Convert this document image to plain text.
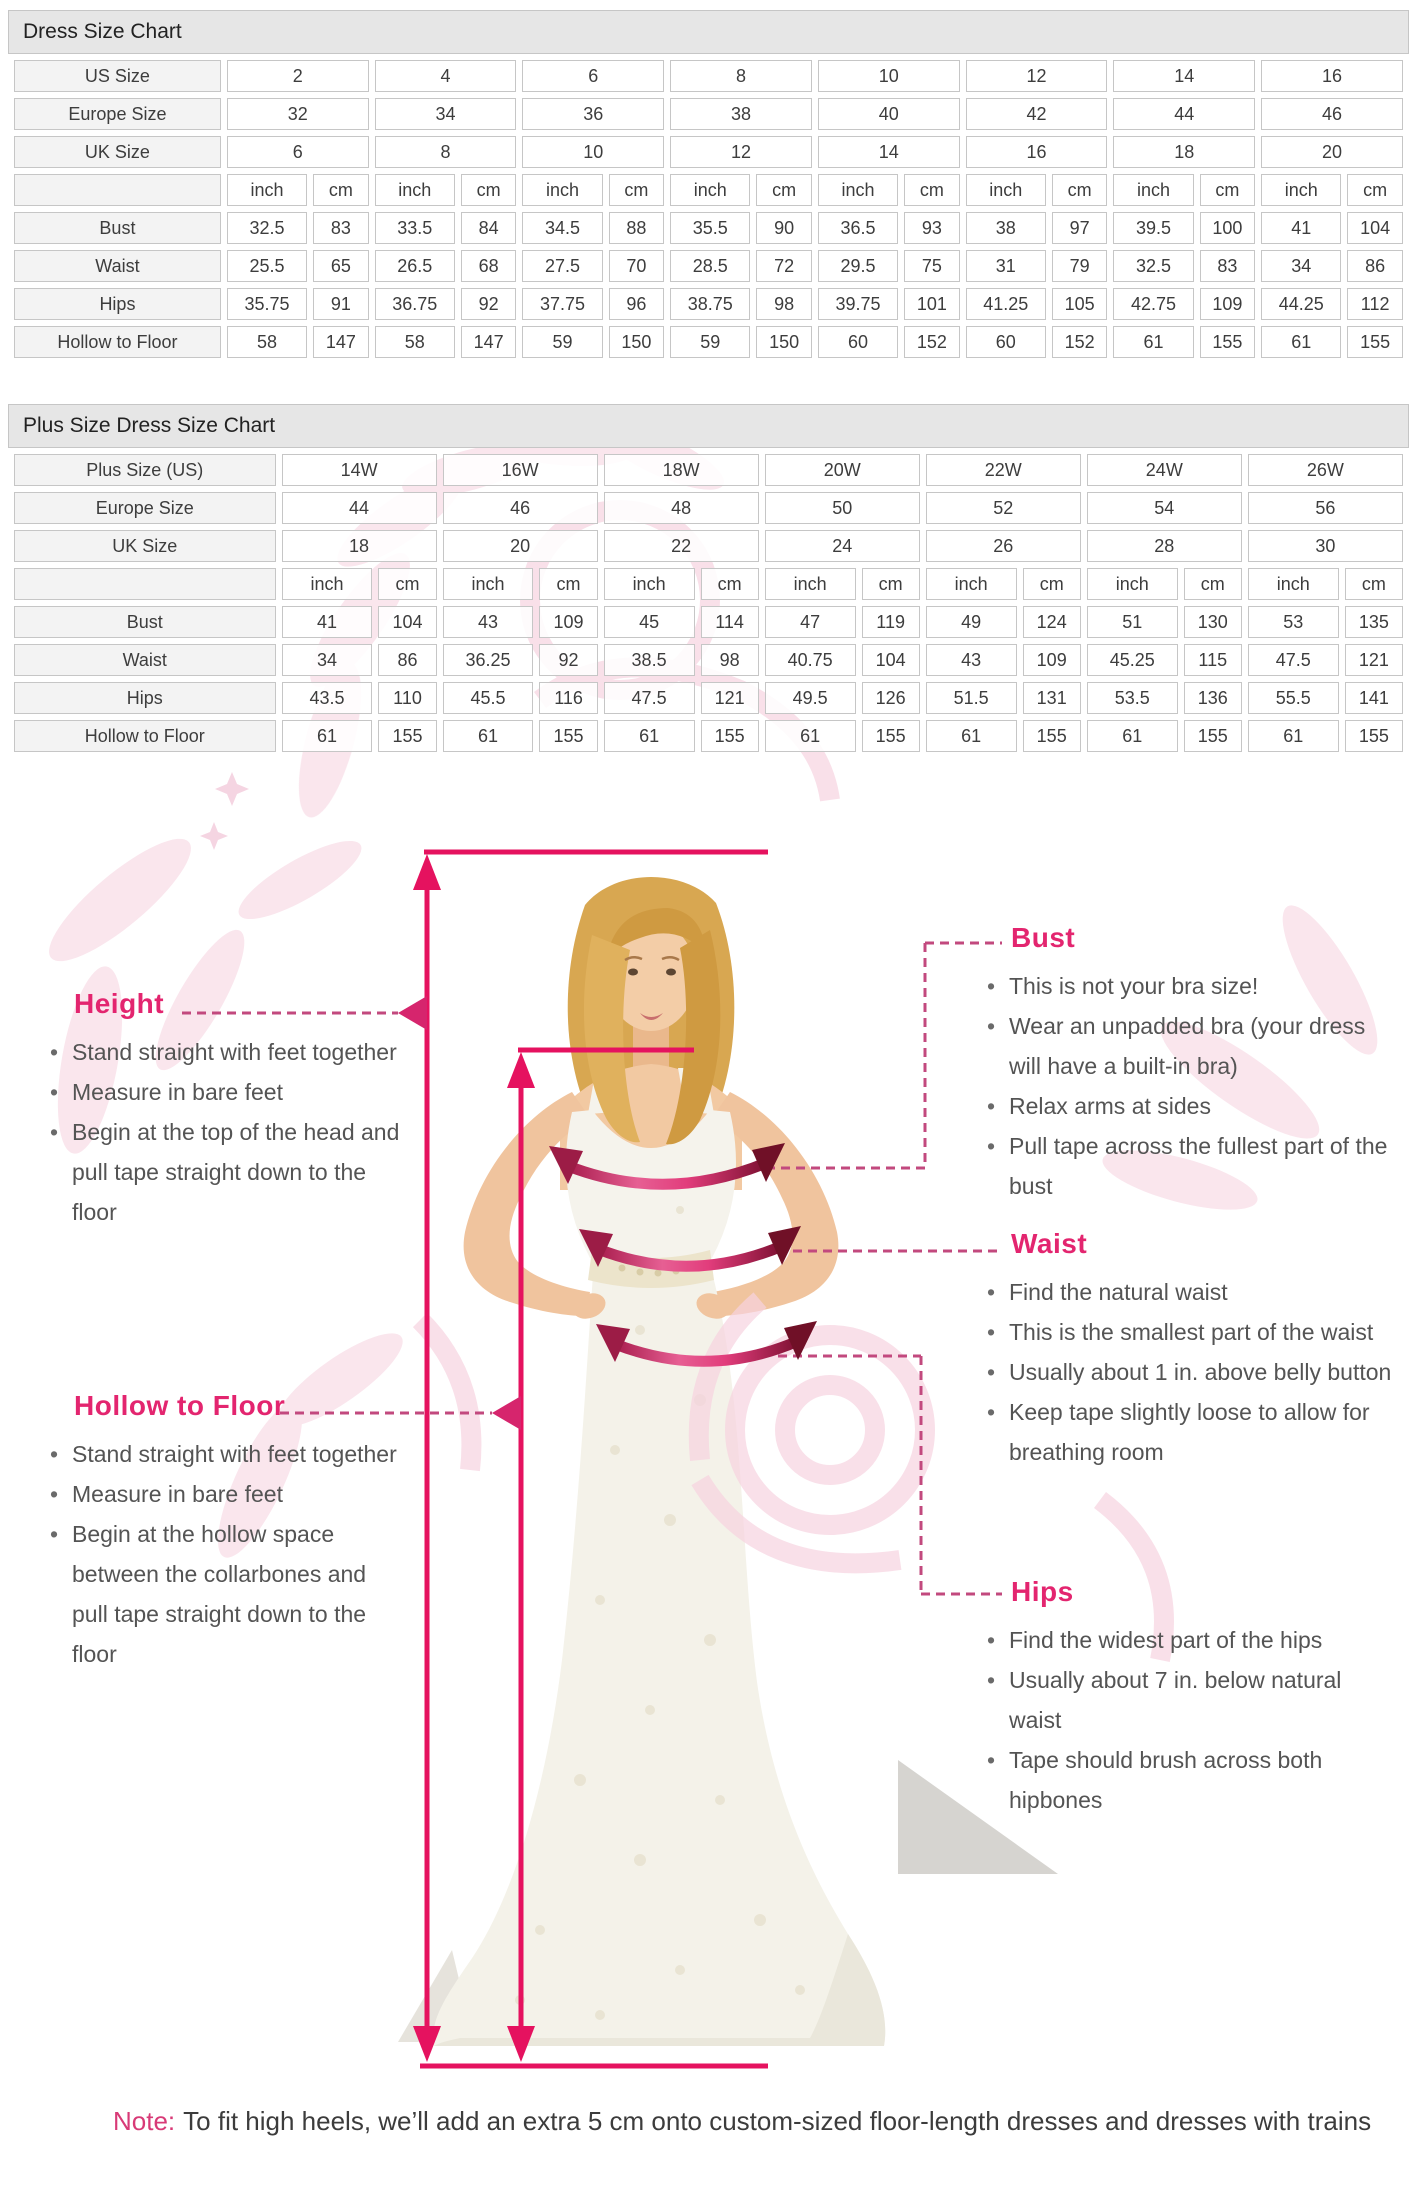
Dress Size Chart
US Size	2		4		6		8		10		12		14		16	
Europe Size	32		34		36		38		40		42		44		46	
UK Size	6		8		10		12		14		16		18		20	
	inch	cm	inch	cm	inch	cm	inch	cm	inch	cm	inch	cm	inch	cm	inch	cm
Bust	32.5	83	33.5	84	34.5	88	35.5	90	36.5	93	38	97	39.5	100	41	104
Waist	25.5	65	26.5	68	27.5	70	28.5	72	29.5	75	31	79	32.5	83	34	86
Hips	35.75	91	36.75	92	37.75	96	38.75	98	39.75	101	41.25	105	42.75	109	44.25	112
Hollow to Floor	58	147	58	147	59	150	59	150	60	152	60	152	61	155	61	155
Plus Size Dress Size Chart
Plus Size (US)	14W		16W		18W		20W		22W		24W		26W	
Europe Size	44		46		48		50		52		54		56	
UK Size	18		20		22		24		26		28		30	
	inch	cm	inch	cm	inch	cm	inch	cm	inch	cm	inch	cm	inch	cm
Bust	41	104	43	109	45	114	47	119	49	124	51	130	53	135
Waist	34	86	36.25	92	38.5	98	40.75	104	43	109	45.25	115	47.5	121
Hips	43.5	110	45.5	116	47.5	121	49.5	126	51.5	131	53.5	136	55.5	141
Hollow to Floor	61	155	61	155	61	155	61	155	61	155	61	155	61	155
Height
• Stand straight with feet together
• Measure in bare feet
• Begin at the top of the head and pull tape straight down to the floor
Hollow to Floor
• Stand straight with feet together
• Measure in bare feet
• Begin at the hollow space between the collarbones and pull tape straight down to the floor
Bust
• This is not your bra size!
• Wear an unpadded bra (your dress will have a built-in bra)
• Relax arms at sides
• Pull tape across the fullest part of the bust
Waist
• Find the natural waist
• This is the smallest part of the waist
• Usually about 1 in. above belly button
• Keep tape slightly loose to allow for breathing room
Hips
• Find the widest part of the hips
• Usually about 7 in. below natural waist
• Tape should brush across both hipbones
Note: To fit high heels, we’ll add an extra 5 cm onto custom-sized floor-length dresses and dresses with trains
